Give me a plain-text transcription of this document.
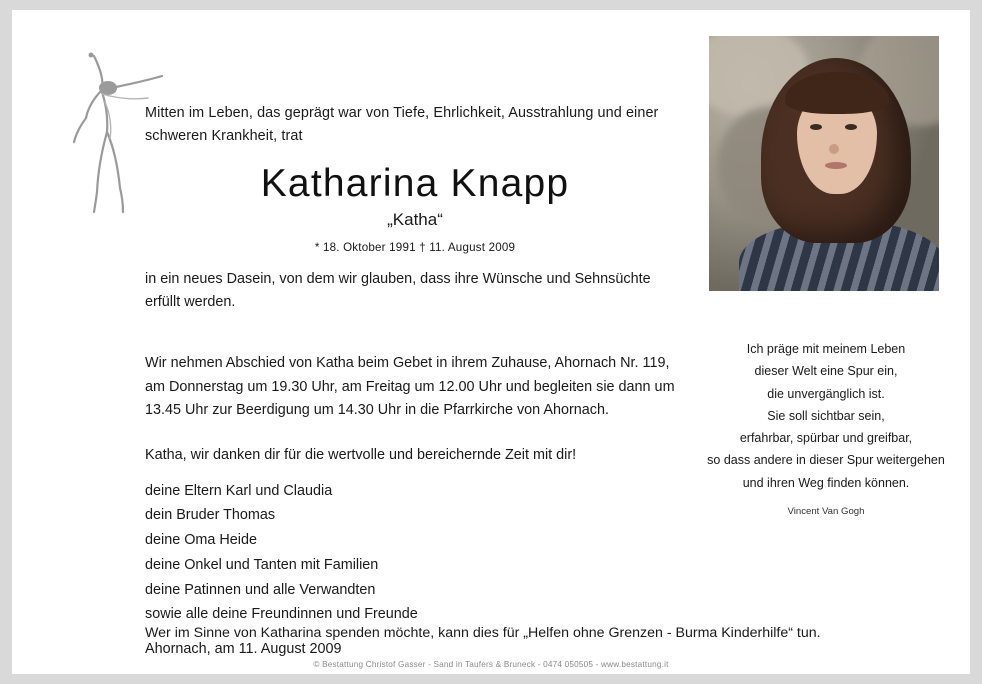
Mitten im Leben, das geprägt war von Tiefe, Ehrlichkeit, Ausstrahlung und einer schweren Krankheit, trat
Katharina Knapp
„Katha“
* 18. Oktober 1991 † 11. August 2009
in ein neues Dasein, von dem wir glauben, dass ihre Wünsche und Sehnsüchte erfüllt werden.
Wir nehmen Abschied von Katha beim Gebet in ihrem Zuhause, Ahornach Nr. 119, am Donnerstag um 19.30 Uhr, am Freitag um 12.00 Uhr und begleiten sie dann um 13.45 Uhr zur Beerdigung um 14.30 Uhr in die Pfarrkirche von Ahornach.
Katha, wir danken dir für die wertvolle und bereichernde Zeit mit dir!
deine Eltern Karl und Claudia
dein Bruder Thomas
deine Oma Heide
deine Onkel und Tanten mit Familien
deine Patinnen und alle Verwandten
sowie alle deine Freundinnen und Freunde
Ahornach, am 11. August 2009
Wer im Sinne von Katharina spenden möchte, kann dies für „Helfen ohne Grenzen - Burma Kinderhilfe“ tun.
© Bestattung Christof Gasser - Sand in Taufers & Bruneck - 0474 050505 - www.bestattung.it
Ich präge mit meinem Leben
dieser Welt eine Spur ein,
die unvergänglich ist.
Sie soll sichtbar sein,
erfahrbar, spürbar und greifbar,
so dass andere in dieser Spur weitergehen
und ihren Weg finden können.
Vincent Van Gogh
